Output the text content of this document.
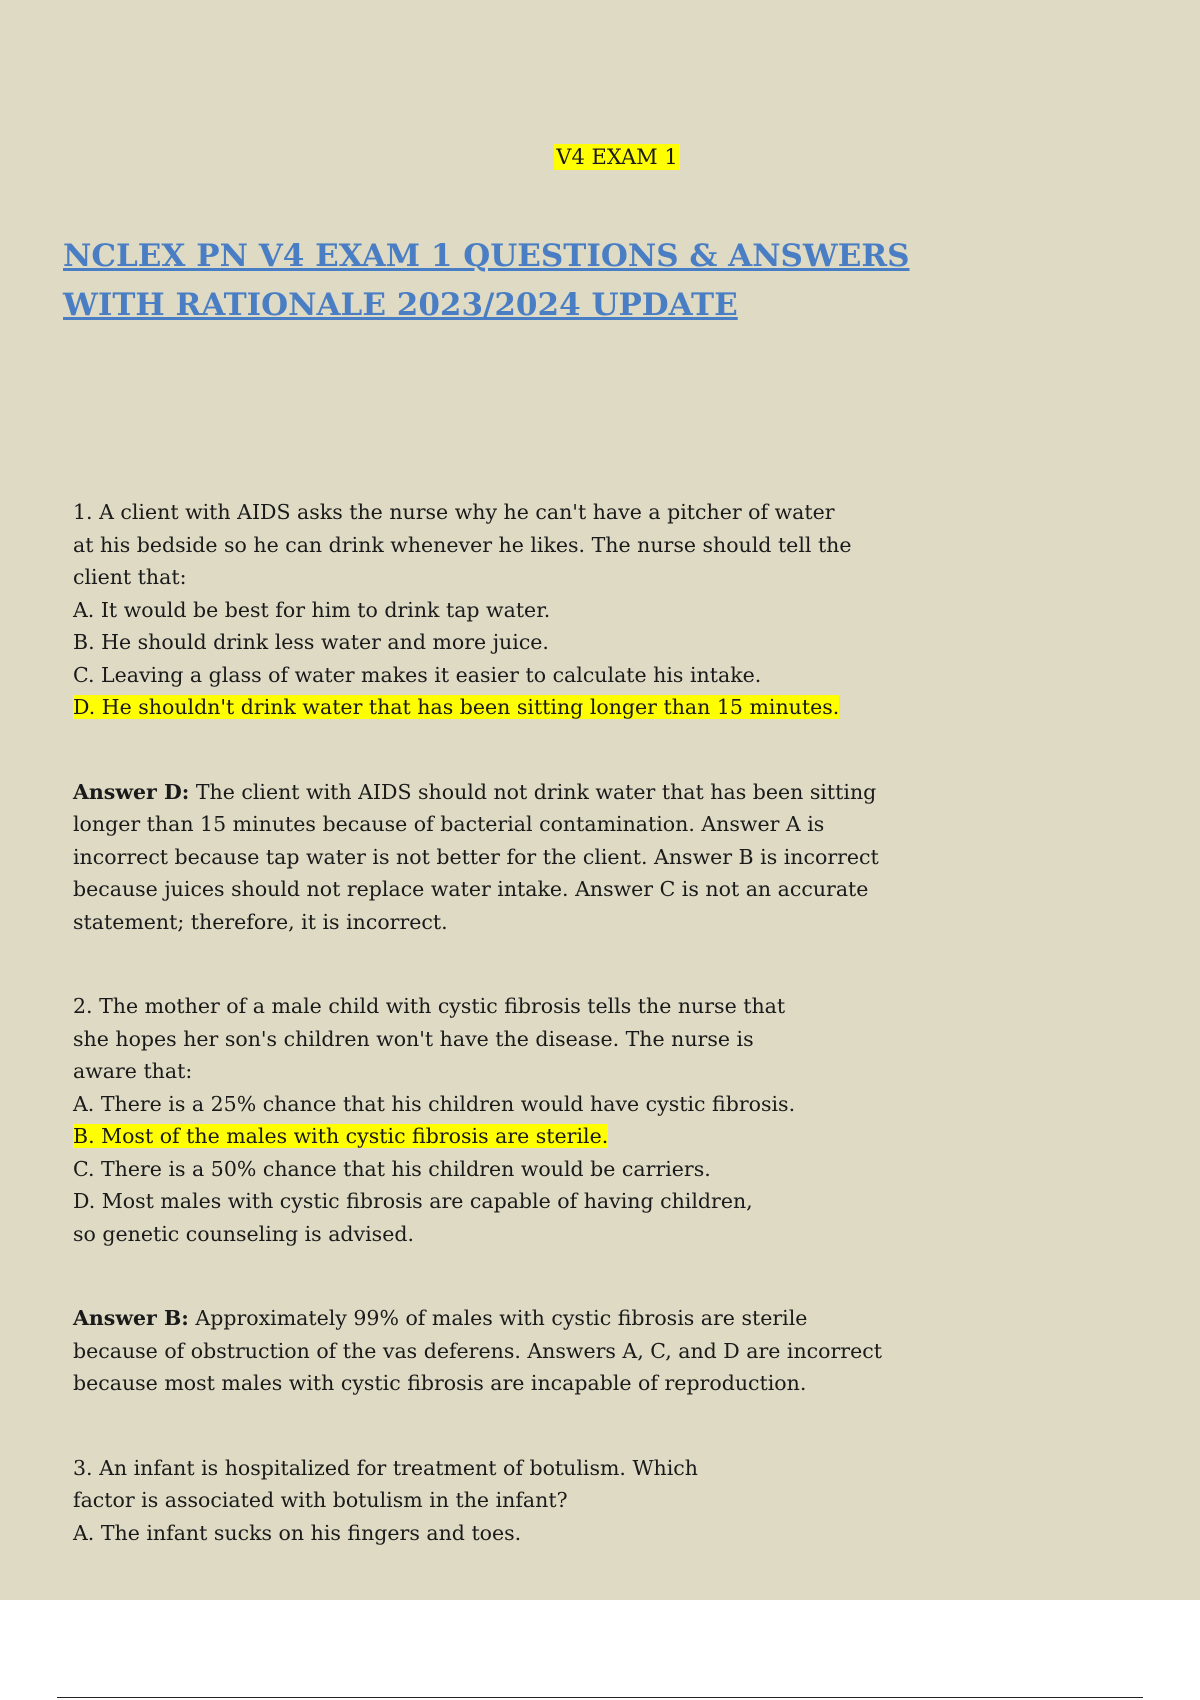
V4 EXAM 1
NCLEX PN V4 EXAM 1 QUESTIONS & ANSWERS
WITH RATIONALE 2023/2024 UPDATE
1. A client with AIDS asks the nurse why he can't have a pitcher of water
at his bedside so he can drink whenever he likes. The nurse should tell the
client that:
A. It would be best for him to drink tap water.
B. He should drink less water and more juice.
C. Leaving a glass of water makes it easier to calculate his intake.
D. He shouldn't drink water that has been sitting longer than 15 minutes.
Answer D: The client with AIDS should not drink water that has been sitting
longer than 15 minutes because of bacterial contamination. Answer A is
incorrect because tap water is not better for the client. Answer B is incorrect
because juices should not replace water intake. Answer C is not an accurate
statement; therefore, it is incorrect.
2. The mother of a male child with cystic fibrosis tells the nurse that
she hopes her son's children won't have the disease. The nurse is
aware that:
A. There is a 25% chance that his children would have cystic fibrosis.
B. Most of the males with cystic fibrosis are sterile.
C. There is a 50% chance that his children would be carriers.
D. Most males with cystic fibrosis are capable of having children,
so genetic counseling is advised.
Answer B: Approximately 99% of males with cystic fibrosis are sterile
because of obstruction of the vas deferens. Answers A, C, and D are incorrect
because most males with cystic fibrosis are incapable of reproduction.
3. An infant is hospitalized for treatment of botulism. Which
factor is associated with botulism in the infant?
A. The infant sucks on his fingers and toes.
